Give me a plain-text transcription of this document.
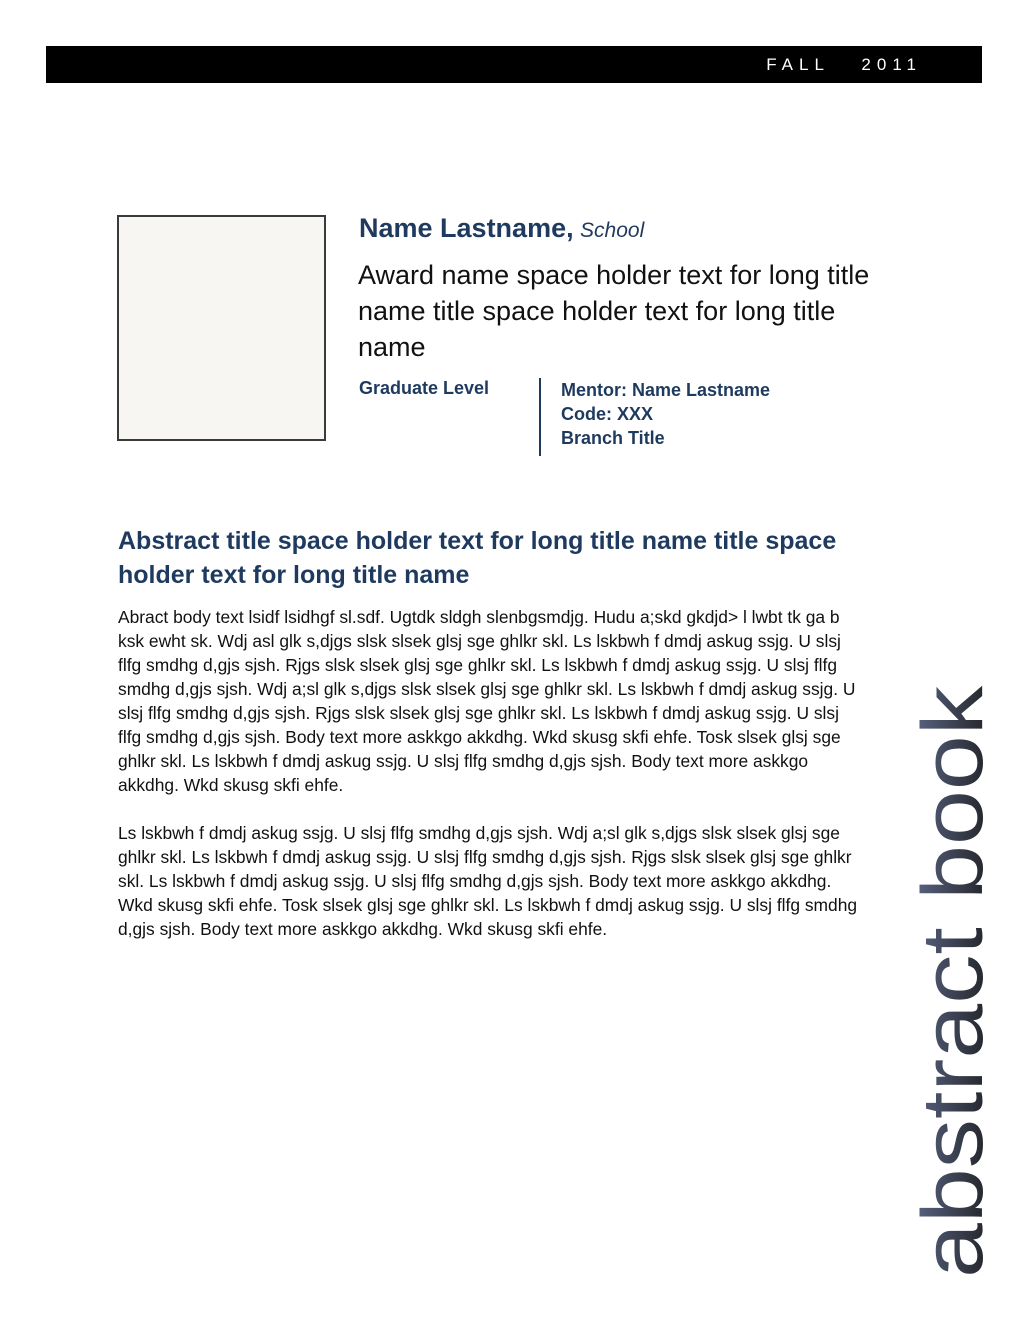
FALL   2011
Name Lastname, School
Award name space holder text for long title name title space holder text for long title name
Graduate Level	Mentor: Name Lastname
Code: XXX
Branch Title
Abstract title space holder text for long title name title space holder text for long title name

Abract body text lsidf lsidhgf sl.sdf. Ugtdk sldgh slenbgsmdjg. Hudu a;skd gkdjd> l lwbt tk ga b ksk ewht sk. Wdj asl glk s,djgs slsk slsek glsj sge ghlkr skl. Ls lskbwh f dmdj askug ssjg. U slsj flfg smdhg d,gjs sjsh. Rjgs slsk slsek glsj sge ghlkr skl. Ls lskbwh f dmdj askug ssjg. U slsj flfg smdhg d,gjs sjsh. Wdj a;sl glk s,djgs slsk slsek glsj sge ghlkr skl. Ls lskbwh f dmdj askug ssjg. U slsj flfg smdhg d,gjs sjsh. Rjgs slsk slsek glsj sge ghlkr skl. Ls lskbwh f dmdj askug ssjg. U slsj flfg smdhg d,gjs sjsh. Body text more askkgo akkdhg. Wkd skusg skfi ehfe. Tosk slsek glsj sge ghlkr skl. Ls lskbwh f dmdj askug ssjg. U slsj flfg smdhg d,gjs sjsh. Body text more askkgo akkdhg. Wkd skusg skfi ehfe.

Ls lskbwh f dmdj askug ssjg. U slsj flfg smdhg d,gjs sjsh. Wdj a;sl glk s,djgs slsk slsek glsj sge ghlkr skl. Ls lskbwh f dmdj askug ssjg. U slsj flfg smdhg d,gjs sjsh. Rjgs slsk slsek glsj sge ghlkr skl. Ls lskbwh f dmdj askug ssjg. U slsj flfg smdhg d,gjs sjsh. Body text more askkgo akkdhg. Wkd skusg skfi ehfe. Tosk slsek glsj sge ghlkr skl. Ls lskbwh f dmdj askug ssjg. U slsj flfg smdhg d,gjs sjsh. Body text more askkgo akkdhg. Wkd skusg skfi ehfe.	abstract book
